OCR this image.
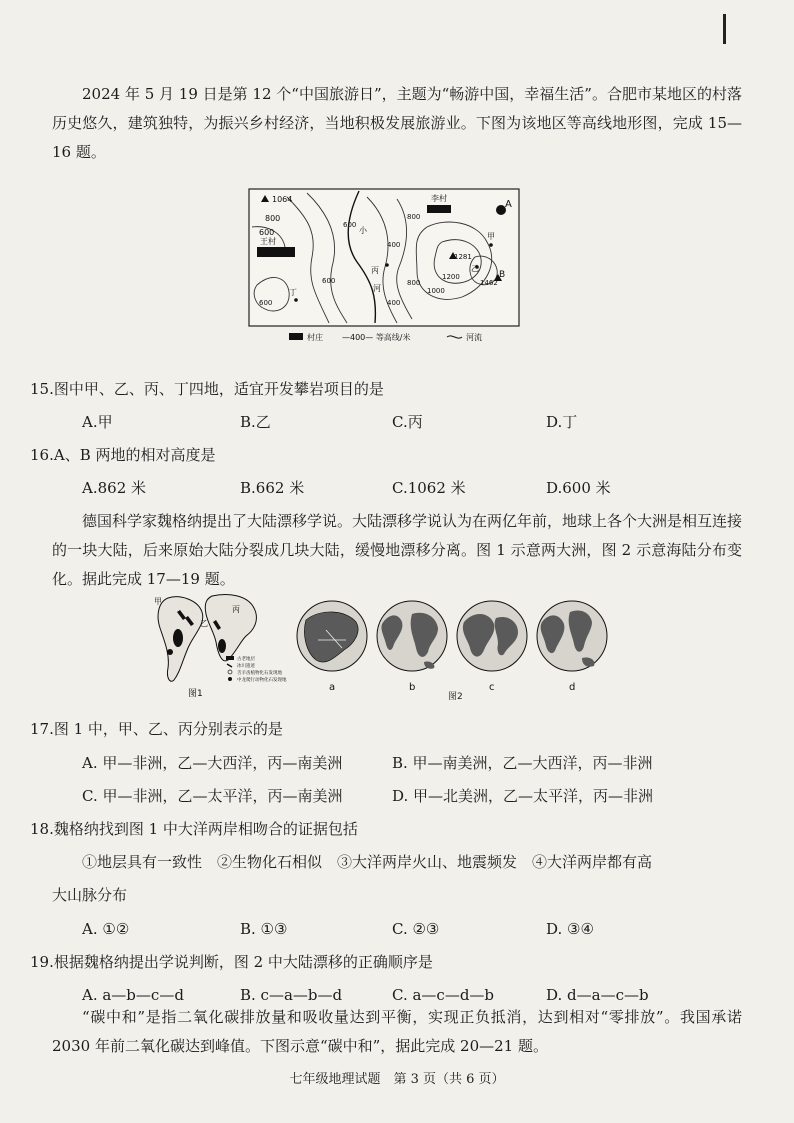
2024 年 5 月 19 日是第 12 个“中国旅游日”，主题为“畅游中国，幸福生活”。合肥市某地区的村落历史悠久，建筑独特，为振兴乡村经济，当地积极发展旅游业。下图为该地区等高线地形图，完成 15—16 题。

1064
800
600
王村
李村
小
河
丙
丁
甲
乙
A
B
1281
1462
600
600
400
400
800
1000
1200
600
800
村庄 —400— 等高线/米	河流
15.图中甲、乙、丙、丁四地，适宜开发攀岩项目的是
A.甲	B.乙	C.丙	D.丁
16.A、B 两地的相对高度是
A.862 米	B.662 米	C.1062 米	D.600 米

德国科学家魏格纳提出了大陆漂移学说。大陆漂移学说认为在两亿年前，地球上各个大洲是相互连接的一块大陆，后来原始大陆分裂成几块大陆，缓慢地漂移分离。图 1 示意两大洲，图 2 示意海陆分布变化。据此完成 17—19 题。

甲
乙
丙
古老地层
冰川遗迹
舌羊齿植物化石发现地
中龙爬行动物化石发现地
图1
a	b	c	d
图2
17.图 1 中，甲、乙、丙分别表示的是
A. 甲—非洲，乙—大西洋，丙—南美洲	B. 甲—南美洲，乙—大西洋，丙—非洲
C. 甲—非洲，乙—太平洋，丙—南美洲	D. 甲—北美洲，乙—太平洋，丙—非洲
18.魏格纳找到图 1 中大洋两岸相吻合的证据包括
①地层具有一致性　②生物化石相似　③大洋两岸火山、地震频发　④大洋两岸都有高
大山脉分布
A. ①②	B. ①③	C. ②③	D. ③④
19.根据魏格纳提出学说判断，图 2 中大陆漂移的正确顺序是
A. a—b—c—d	B. c—a—b—d	C. a—c—d—b	D. d—a—c—b

“碳中和”是指二氧化碳排放量和吸收量达到平衡，实现正负抵消，达到相对“零排放”。我国承诺 2030 年前二氧化碳达到峰值。下图示意“碳中和”，据此完成 20—21 题。

七年级地理试题　第 3 页（共 6 页）
